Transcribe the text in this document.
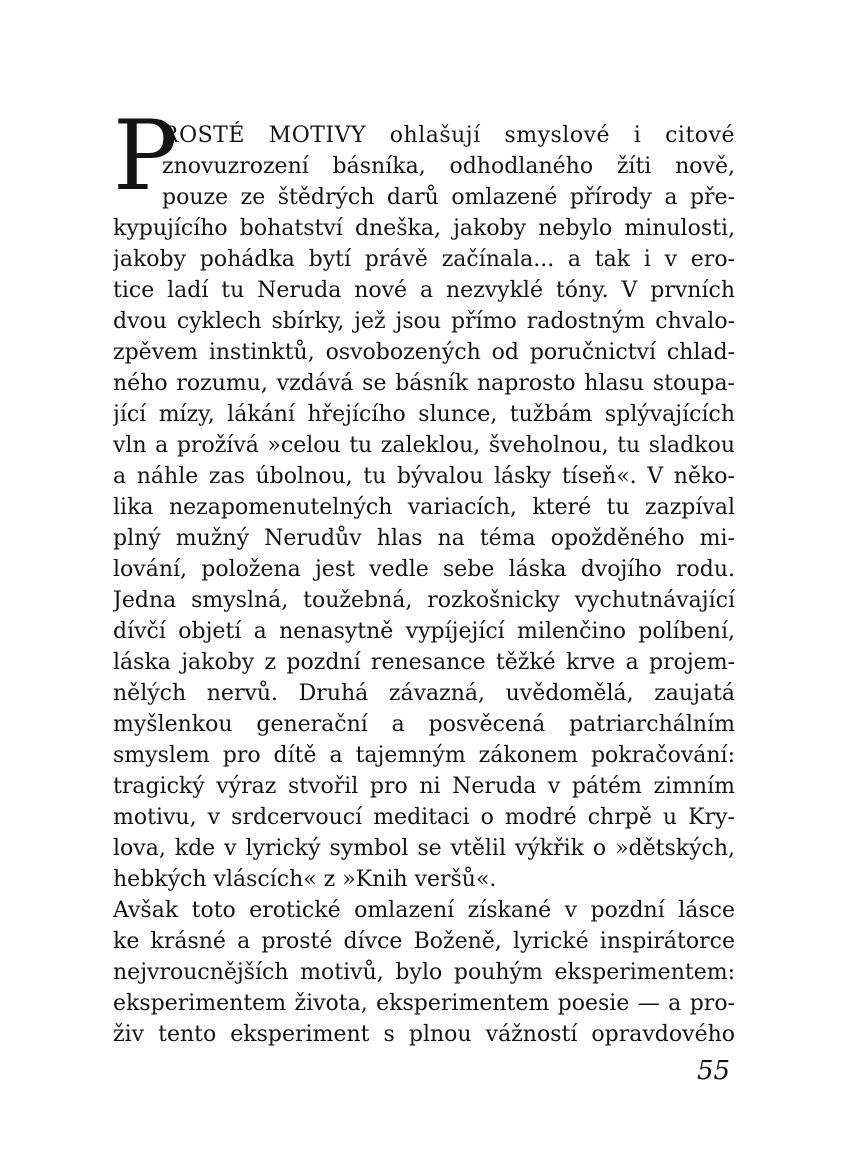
P
ROSTÉ MOTIVY ohlašují smyslové i citové
znovuzrození básníka, odhodlaného žíti nově,
pouze ze štědrých darů omlazené přírody a pře-
kypujícího bohatství dneška, jakoby nebylo minulosti,
jakoby pohádka bytí právě začínala... a tak i v ero-
tice ladí tu Neruda nové a nezvyklé tóny. V prvních
dvou cyklech sbírky, jež jsou přímo radostným chvalo-
zpěvem instinktů, osvobozených od poručnictví chlad-
ného rozumu, vzdává se básník naprosto hlasu stoupa-
jící mízy, lákání hřejícího slunce, tužbám splývajících
vln a prožívá »celou tu zaleklou, šveholnou, tu sladkou
a náhle zas úbolnou, tu bývalou lásky tíseň«. V něko-
lika nezapomenutelných variacích, které tu zazpíval
plný mužný Nerudův hlas na téma opožděného mi-
lování, položena jest vedle sebe láska dvojího rodu.
Jedna smyslná, toužebná, rozkošnicky vychutnávající
dívčí objetí a nenasytně vypíjející milenčino políbení,
láska jakoby z pozdní renesance těžké krve a projem-
nělých nervů. Druhá závazná, uvědomělá, zaujatá
myšlenkou generační a posvěcená patriarchálním
smyslem pro dítě a tajemným zákonem pokračování:
tragický výraz stvořil pro ni Neruda v pátém zimním
motivu, v srdcervoucí meditaci o modré chrpě u Kry-
lova, kde v lyrický symbol se vtělil výkřik o »dětských,
hebkých vláscích« z »Knih veršů«.
Avšak toto erotické omlazení získané v pozdní lásce
ke krásné a prosté dívce Boženě, lyrické inspirátorce
nejvroucnějších motivů, bylo pouhým eksperimentem:
eksperimentem života, eksperimentem poesie — a pro-
živ tento eksperiment s plnou vážností opravdového
55
